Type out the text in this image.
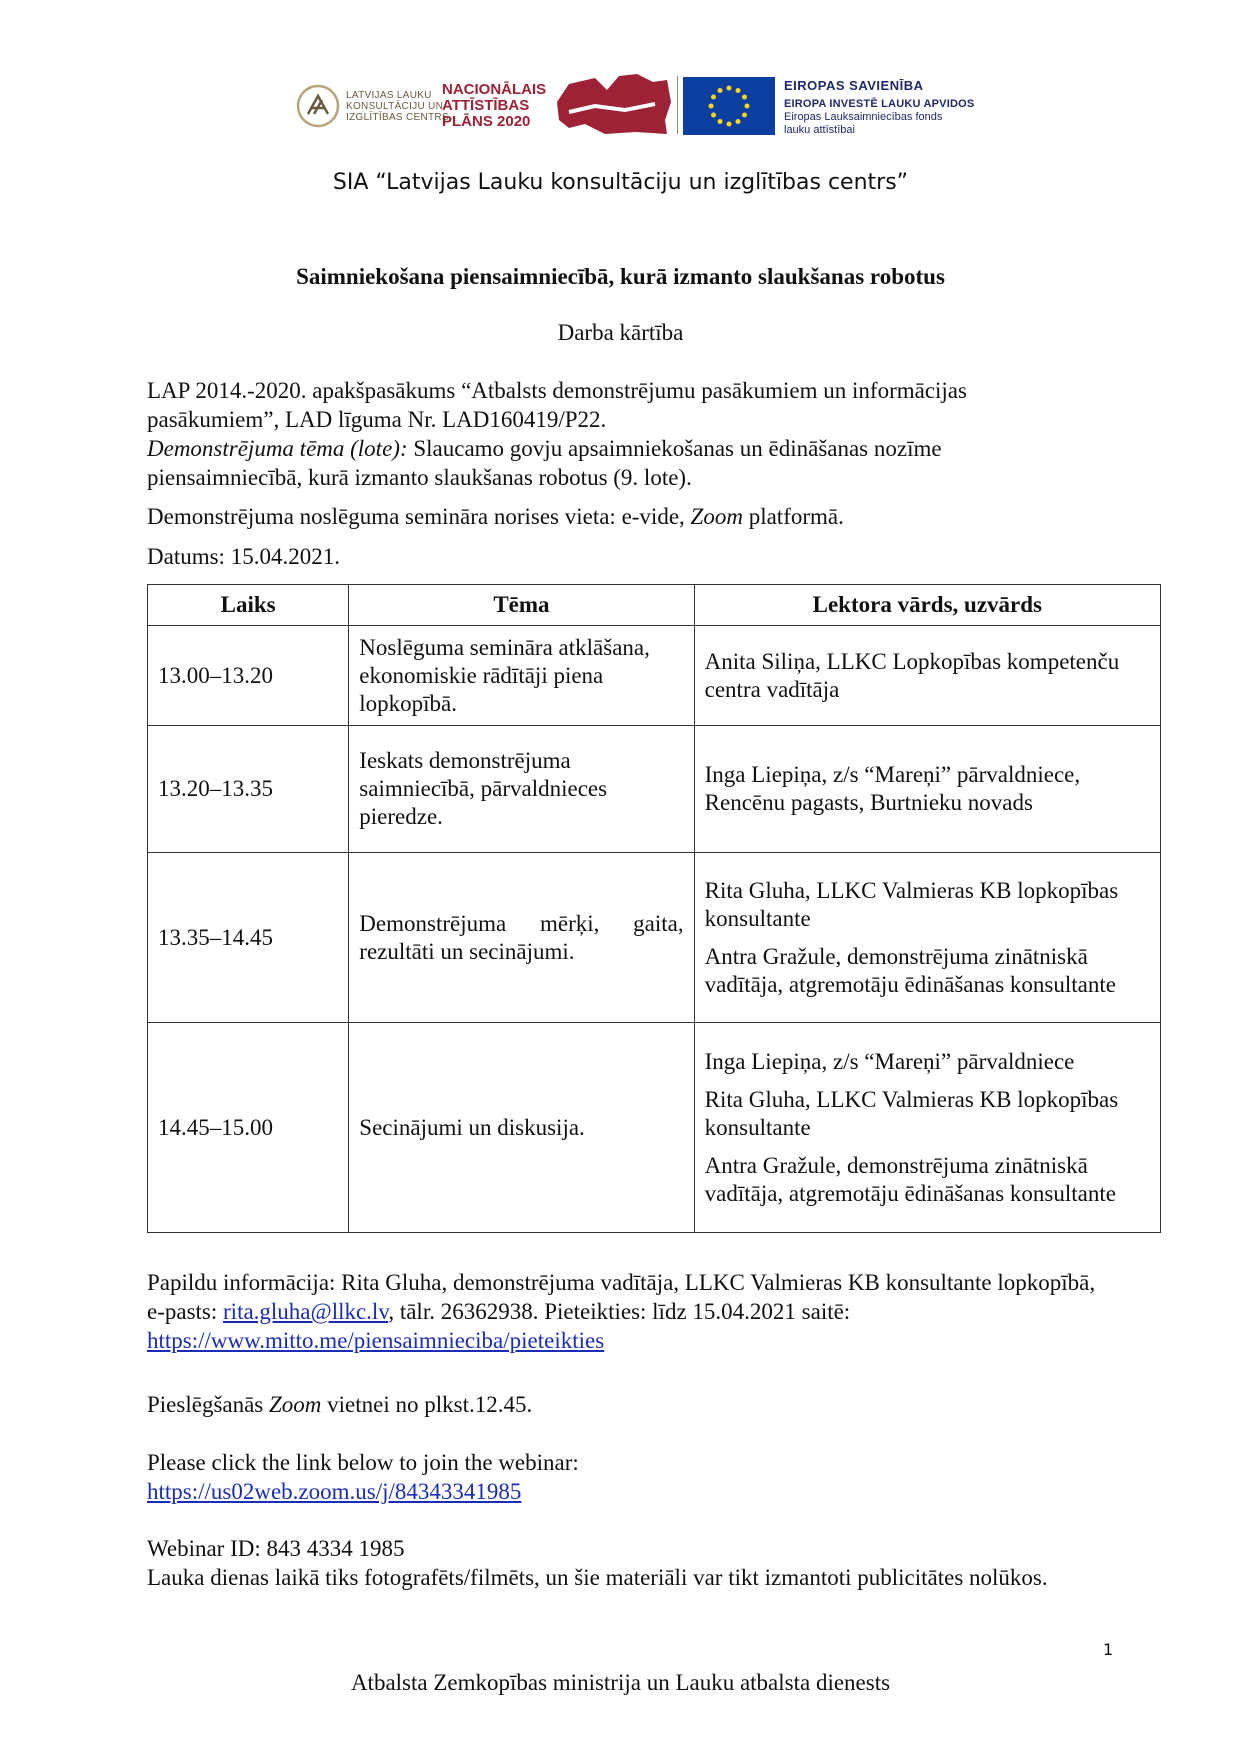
LATVIJAS LAUKU
KONSULTĀCIJU UN
IZGLĪTĪBAS CENTRS
NACIONĀLAIS
ATTĪSTĪBAS
PLĀNS 2020
EIROPAS SAVIENĪBA
EIROPA INVESTĒ LAUKU APVIDOS
Eiropas Lauksaimniecības fonds
lauku attīstībai
SIA “Latvijas Lauku konsultāciju un izglītības centrs”
Saimniekošana piensaimniecībā, kurā izmanto slaukšanas robotus
Darba kārtība
LAP 2014.-2020. apakšpasākums “Atbalsts demonstrējumu pasākumiem un informācijas pasākumiem”, LAD līguma Nr. LAD160419/P22.
Demonstrējuma tēma (lote): Slaucamo govju apsaimniekošanas un ēdināšanas nozīme piensaimniecībā, kurā izmanto slaukšanas robotus (9. lote).
Demonstrējuma noslēguma semināra norises vieta: e-vide, Zoom platformā.
Datums: 15.04.2021.
Laiks	Tēma	Lektora vārds, uzvārds
13.00–13.20	Noslēguma semināra atklāšana, ekonomiskie rādītāji piena lopkopībā.	Anita Siliņa, LLKC Lopkopības kompetenču centra vadītāja

13.20–13.35	Ieskats demonstrējuma saimniecībā, pārvaldnieces pieredze.	Inga Liepiņa, z/s “Mareņi” pārvaldniece, Rencēnu pagasts, Burtnieku novads

13.35–14.45	Demonstrējuma mērķi, gaita, rezultāti un secinājumi.	Rita Gluha, LLKC Valmieras KB lopkopības konsultante
Antra Gražule, demonstrējuma zinātniskā vadītāja, atgremotāju ēdināšanas konsultante

14.45–15.00	Secinājumi un diskusija.	Inga Liepiņa, z/s “Mareņi” pārvaldniece
Rita Gluha, LLKC Valmieras KB lopkopības konsultante
Antra Gražule, demonstrējuma zinātniskā vadītāja, atgremotāju ēdināšanas konsultante
Papildu informācija: Rita Gluha, demonstrējuma vadītāja, LLKC Valmieras KB konsultante lopkopībā, e-pasts: rita.gluha@llkc.lv, tālr. 26362938. Pieteikties: līdz 15.04.2021 saitē: https://www.mitto.me/piensaimnieciba/pieteikties
Pieslēgšanās Zoom vietnei no plkst.12.45.
Please click the link below to join the webinar:
https://us02web.zoom.us/j/84343341985
Webinar ID: 843 4334 1985
Lauka dienas laikā tiks fotografēts/filmēts, un šie materiāli var tikt izmantoti publicitātes nolūkos.
1
Atbalsta Zemkopības ministrija un Lauku atbalsta dienests
